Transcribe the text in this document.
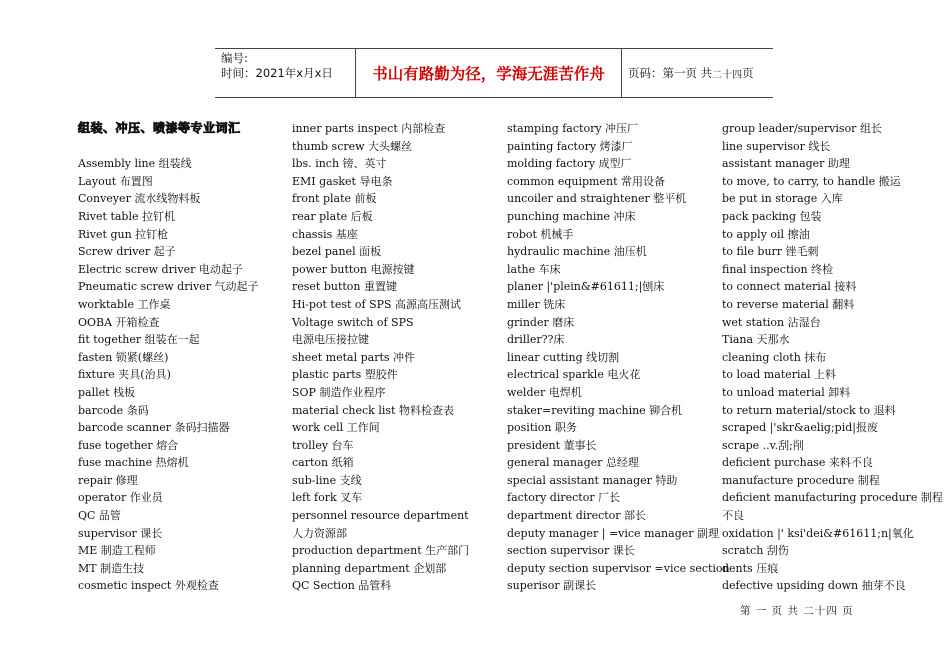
编号:
时间：2021年x月x日	书山有路勤为径，学海无涯苦作舟	页码：第一页 共 二十四 页
组装、冲压、喷漆等专业词汇
Assembly line 组装线
Layout 布置图
Conveyer 流水线物料板
Rivet table 拉钉机
Rivet gun 拉钉枪
Screw driver 起子
Electric screw driver 电动起子
Pneumatic screw driver 气动起子
worktable 工作桌
OOBA 开箱检查
fit together 组装在一起
fasten 锁紧(螺丝)
fixture 夹具(治具)
pallet 栈板
barcode 条码
barcode scanner 条码扫描器
fuse together 熔合
fuse machine 热熔机
repair 修理
operator 作业员
QC 品管
supervisor 课长
ME 制造工程师
MT 制造生技
cosmetic inspect 外观检查
inner parts inspect 内部检查
thumb screw 大头螺丝
lbs. inch 镑、英寸
EMI gasket 导电条
front plate 前板
rear plate 后板
chassis 基座
bezel panel 面板
power button 电源按键
reset button 重置键
Hi-pot test of SPS 高源高压测试
Voltage switch of SPS
电源电压接拉键
sheet metal parts 冲件
plastic parts 塑胶件
SOP 制造作业程序
material check list 物料检查表
work cell 工作间
trolley 台车
carton 纸箱
sub-line 支线
left fork 叉车
personnel resource department
人力资源部
production department 生产部门
planning department 企划部
QC Section 品管科
stamping factory 冲压厂
painting factory 烤漆厂
molding factory 成型厂
common equipment 常用设备
uncoiler and straightener 整平机
punching machine 冲床
robot 机械手
hydraulic machine 油压机
lathe 车床
planer |'plein&#61611;|刨床
miller 铣床
grinder 磨床
driller??床
linear cutting 线切割
electrical sparkle 电火花
welder 电焊机
staker=reviting machine 铆合机
position 职务
president 董事长
general manager 总经理
special assistant manager 特助
factory director 厂长
department director 部长
deputy manager | =vice manager 副理
section supervisor 课长
deputy section supervisor =vice section
superisor 副课长
group leader/supervisor 组长
line supervisor 线长
assistant manager 助理
to move, to carry, to handle 搬运
be put in storage 入库
pack packing 包装
to apply oil 擦油
to file burr 锉毛刺
final inspection 终检
to connect material 接料
to reverse material 翻料
wet station 沾湿台
Tiana 天那水
cleaning cloth 抹布
to load material 上料
to unload material 卸料
to return material/stock to 退料
scraped |'skr&aelig;pid|报废
scrape ..v.刮;削
deficient purchase 来料不良
manufacture procedure 制程
deficient manufacturing procedure 制程
不良
oxidation |' ksi'dei&#61611;n|氧化
scratch 刮伤
dents 压痕
defective upsiding down 抽芽不良
第 一 页 共 二十四 页
